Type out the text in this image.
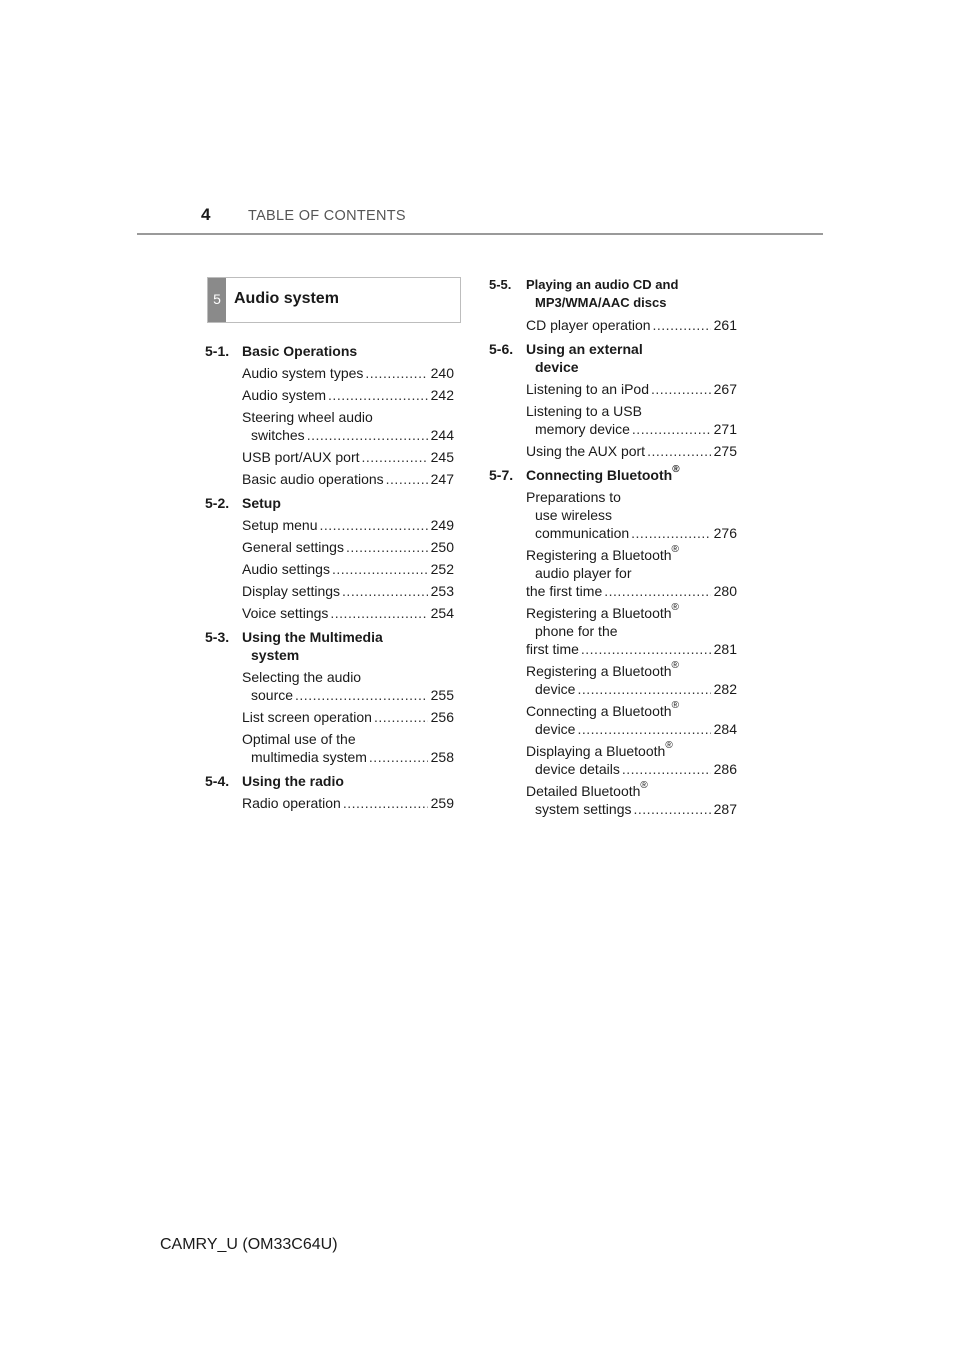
4	TABLE OF CONTENTS
5 Audio system
5-1. Basic Operations
Audio system types .....	240
Audio system .....	242
Steering wheel audio
switches .....	244
USB port/AUX port .....	245
Basic audio operations .....	247
5-2. Setup
Setup menu .....	249
General settings .....	250
Audio settings .....	252
Display settings .....	253
Voice settings .....	254
5-3. Using the Multimedia
system
Selecting the audio
source .....	255
List screen operation .....	256
Optimal use of the
multimedia system .....	258
5-4. Using the radio
Radio operation .....	259
5-5.	Playing an audio CD and
MP3/WMA/AAC discs
CD player operation .....	261
5-6. Using an external
device
Listening to an iPod .....	267
Listening to a USB
memory device .....	271
Using the AUX port .....	275
5-7. Connecting Bluetooth®
Preparations to
use wireless
communication .....	276
Registering a Bluetooth®
audio player for
the first time .....	280
Registering a Bluetooth®
phone for the
first time .....	281
Registering a Bluetooth®
device .....	282
Connecting a Bluetooth®
device .....	284
Displaying a Bluetooth®
device details .....	286
Detailed Bluetooth®
system settings .....	287
CAMRY_U (OM33C64U)
